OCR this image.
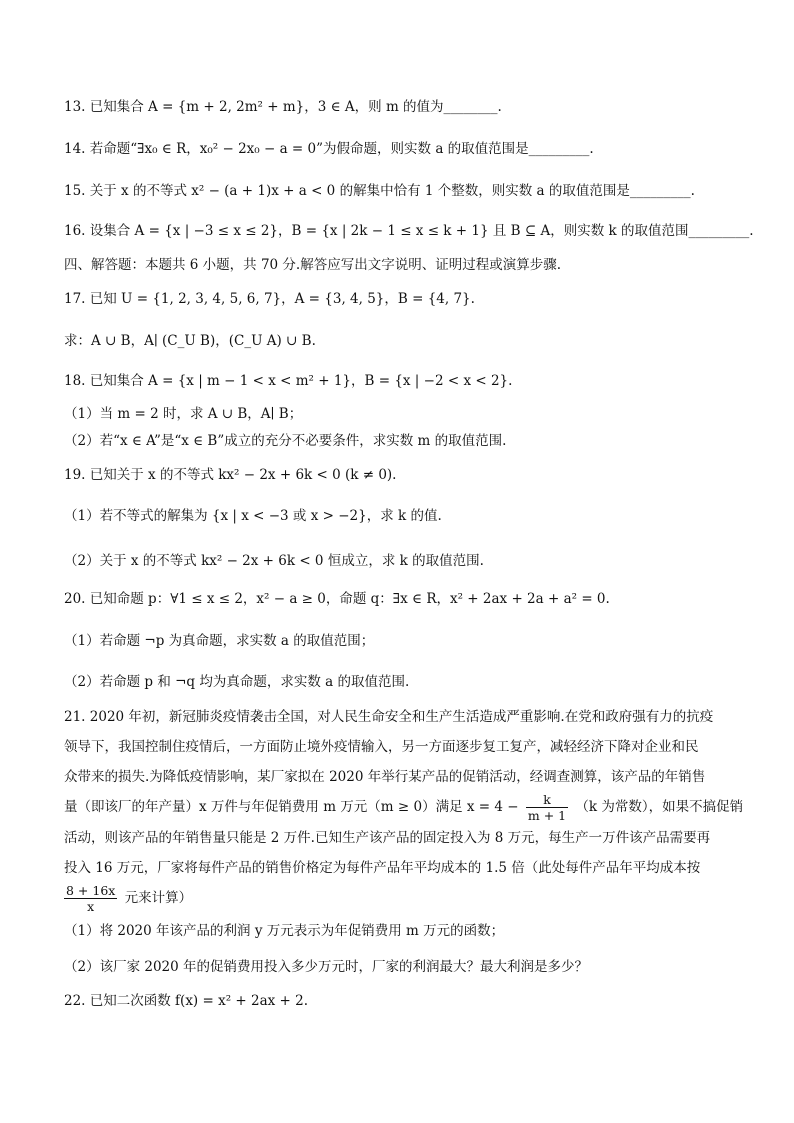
13. 已知集合 A = {m + 2, 2m² + m}，3 ∈ A，则 m 的值为________.
14. 若命题“∃x₀ ∈ R，x₀² − 2x₀ − a = 0”为假命题，则实数 a 的取值范围是_________.
15. 关于 x 的不等式 x² − (a + 1)x + a < 0 的解集中恰有 1 个整数，则实数 a 的取值范围是_________.
16. 设集合 A = {x | −3 ≤ x ≤ 2}，B = {x | 2k − 1 ≤ x ≤ k + 1} 且 B ⊆ A，则实数 k 的取值范围_________.
四、解答题：本题共 6 小题，共 70 分.解答应写出文字说明、证明过程或演算步骤.
17. 已知 U = {1, 2, 3, 4, 5, 6, 7}，A = {3, 4, 5}，B = {4, 7}.
求：A ∪ B，A∣ (C_U B)，(C_U A) ∪ B.
18. 已知集合 A = {x | m − 1 < x < m² + 1}，B = {x | −2 < x < 2}.
（1）当 m = 2 时，求 A ∪ B，A∣ B；
（2）若“x ∈ A”是“x ∈ B”成立的充分不必要条件，求实数 m 的取值范围.
19. 已知关于 x 的不等式 kx² − 2x + 6k < 0 (k ≠ 0).
（1）若不等式的解集为 {x | x < −3 或 x > −2}，求 k 的值.
（2）关于 x 的不等式 kx² − 2x + 6k < 0 恒成立，求 k 的取值范围.
20. 已知命题 p：∀1 ≤ x ≤ 2，x² − a ≥ 0，命题 q：∃x ∈ R，x² + 2ax + 2a + a² = 0.
（1）若命题 ¬p 为真命题，求实数 a 的取值范围；
（2）若命题 p 和 ¬q 均为真命题，求实数 a 的取值范围.
21. 2020 年初，新冠肺炎疫情袭击全国，对人民生命安全和生产生活造成严重影响.在党和政府强有力的抗疫
领导下，我国控制住疫情后，一方面防止境外疫情输入，另一方面逐步复工复产，减轻经济下降对企业和民
众带来的损失.为降低疫情影响，某厂家拟在 2020 年举行某产品的促销活动，经调查测算，该产品的年销售
量（即该厂的年产量）x 万件与年促销费用 m 万元（m ≥ 0）满足 $x = 4 - \frac{k}{m + 1} (k$ 为常数），如果不搞促销
活动，则该产品的年销售量只能是 2 万件.已知生产该产品的固定投入为 8 万元，每生产一万件该产品需要再
投入 16 万元，厂家将每件产品的销售价格定为每件产品年平均成本的 1.5 倍（此处每件产品年平均成本按
$\frac{8 + 16x}{x}$ 元来计算）
（1）将 2020 年该产品的利润 y 万元表示为年促销费用 m 万元的函数；
（2）该厂家 2020 年的促销费用投入多少万元时，厂家的利润最大？最大利润是多少？
22. 已知二次函数 f(x) = x² + 2ax + 2.
